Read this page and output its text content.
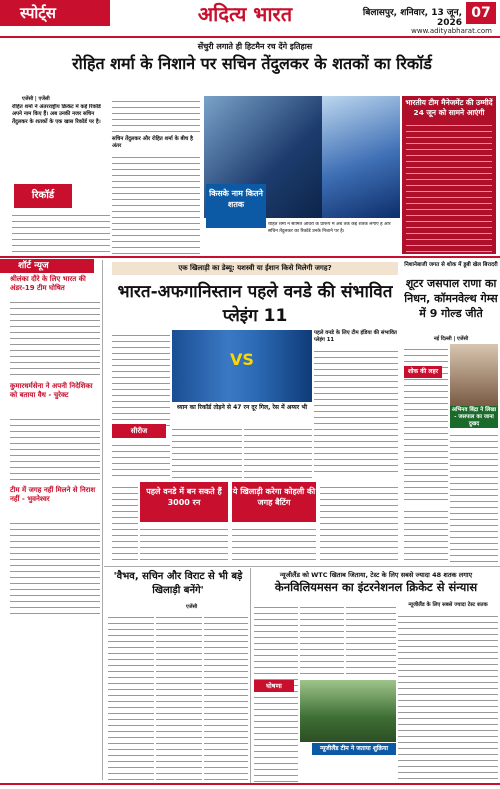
स्पोर्ट्स	अदित्य भारत	बिलासपुर, शनिवार, 13 जून, 2026
07
www.adityabharat.com
सेंचुरी लगाते ही हिटमैन रच देंगे इतिहास
रोहित शर्मा के निशाने पर सचिन तेंदुलकर के शतकों का रिकॉर्ड
एजेंसी | एजेंसी
रोहित शर्मा ने अंतरराष्ट्रीय क्रिकेट में कई रिकॉर्ड अपने नाम किए हैं। अब उनकी नजर सचिन तेंदुलकर के शतकों के एक खास रिकॉर्ड पर है।
रिकॉर्ड
सचिन तेंदुलकर और रोहित शर्मा के बीच है अंतर
किसके नाम कितने शतक
रोहित शर्मा ने सीमित ओवरों के प्रारूप में अब तक कई शतक लगाए हैं और सचिन तेंदुलकर का रिकॉर्ड उनके निशाने पर है।
भारतीय टीम मैनेजमेंट की उम्मीदें 24 जून को सामने आएंगी
शॉर्ट न्यूज
श्रीलंका दौरे के लिए भारत की अंडर-19 टीम घोषित
कुमारधर्मसेना ने अपनी निदेशिका को बताया वैध - चुरेक्ट
टीम में जगह नहीं मिलने से निराश नहीं - भुवनेश्वर
एक खिलाड़ी का डेब्यू: यशस्वी या ईशान किसे मिलेगी जगह?
भारत-अफगानिस्तान पहले वनडे की संभावित प्लेइंग 11
सीरीज
VS
ध्यान का रिकॉर्ड तोड़ने से 47 रन दूर गिल, रेस में अय्यर भी
पहले वनडे के लिए टीम इंडिया की संभावित प्लेइंग 11
पहले वनडे में बन सकते हैं 3000 रन
ये खिलाड़ी करेगा कोहली की जगह बैटिंग
निशानेबाजी जगत से शोक में डूबी खेल बिरादरी
शूटर जसपाल राणा का निधन, कॉमनवेल्थ गेम्स में 9 गोल्ड जीते
नई दिल्ली | एजेंसी
शोक की लहर
अभिनव बिंद्रा ने लिखा - जसपाल का जाना दुखद
'वैभव, सचिन और विराट से भी बड़े खिलाड़ी बनेंगे'
एजेंसी
न्यूजीलैंड को WTC खिताब जिताया, टेस्ट के लिए सबसे ज्यादा 48 शतक लगाए
केनविलियमसन का इंटरनेशनल क्रिकेट से संन्यास
घोषणा
न्यूजीलैंड टीम ने जताया शुक्रिया
न्यूजीलैंड के लिए सबसे ज्यादा टेस्ट शतक
